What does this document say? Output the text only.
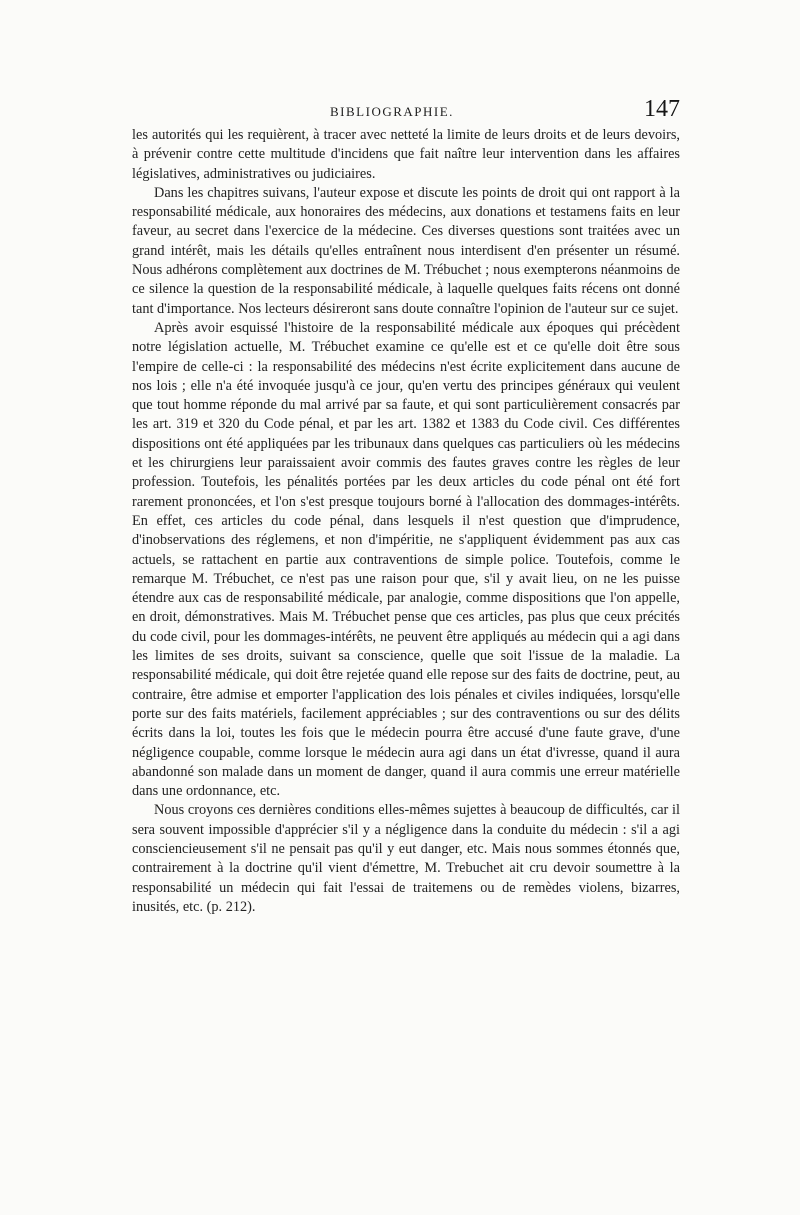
BIBLIOGRAPHIE.	147

les autorités qui les requièrent, à tracer avec netteté la limite de leurs droits et de leurs devoirs, à prévenir contre cette multitude d'incidens que fait naître leur intervention dans les affaires législatives, administratives ou judiciaires.

Dans les chapitres suivans, l'auteur expose et discute les points de droit qui ont rapport à la responsabilité médicale, aux honoraires des médecins, aux donations et testamens faits en leur faveur, au secret dans l'exercice de la médecine. Ces diverses questions sont traitées avec un grand intérêt, mais les détails qu'elles entraînent nous interdisent d'en présenter un résumé. Nous adhérons complètement aux doctrines de M. Trébuchet ; nous exempterons néanmoins de ce silence la question de la responsabilité médicale, à laquelle quelques faits récens ont donné tant d'importance. Nos lecteurs désireront sans doute connaître l'opinion de l'auteur sur ce sujet.

Après avoir esquissé l'histoire de la responsabilité médicale aux époques qui précèdent notre législation actuelle, M. Trébuchet examine ce qu'elle est et ce qu'elle doit être sous l'empire de celle-ci : la responsabilité des médecins n'est écrite explicitement dans aucune de nos lois ; elle n'a été invoquée jusqu'à ce jour, qu'en vertu des principes généraux qui veulent que tout homme réponde du mal arrivé par sa faute, et qui sont particulièrement consacrés par les art. 319 et 320 du Code pénal, et par les art. 1382 et 1383 du Code civil. Ces différentes dispositions ont été appliquées par les tribunaux dans quelques cas particuliers où les médecins et les chirurgiens leur paraissaient avoir commis des fautes graves contre les règles de leur profession. Toutefois, les pénalités portées par les deux articles du code pénal ont été fort rarement prononcées, et l'on s'est presque toujours borné à l'allocation des dommages-intérêts. En effet, ces articles du code pénal, dans lesquels il n'est question que d'imprudence, d'inobservations des réglemens, et non d'impéritie, ne s'appliquent évidemment pas aux cas actuels, se rattachent en partie aux contraventions de simple police. Toutefois, comme le remarque M. Trébuchet, ce n'est pas une raison pour que, s'il y avait lieu, on ne les puisse étendre aux cas de responsabilité médicale, par analogie, comme dispositions que l'on appelle, en droit, démonstratives. Mais M. Trébuchet pense que ces articles, pas plus que ceux précités du code civil, pour les dommages-intérêts, ne peuvent être appliqués au médecin qui a agi dans les limites de ses droits, suivant sa conscience, quelle que soit l'issue de la maladie. La responsabilité médicale, qui doit être rejetée quand elle repose sur des faits de doctrine, peut, au contraire, être admise et emporter l'application des lois pénales et civiles indiquées, lorsqu'elle porte sur des faits matériels, facilement appréciables ; sur des contraventions ou sur des délits écrits dans la loi, toutes les fois que le médecin pourra être accusé d'une faute grave, d'une négligence coupable, comme lorsque le médecin aura agi dans un état d'ivresse, quand il aura abandonné son malade dans un moment de danger, quand il aura commis une erreur matérielle dans une ordonnance, etc.

Nous croyons ces dernières conditions elles-mêmes sujettes à beaucoup de difficultés, car il sera souvent impossible d'apprécier s'il y a négligence dans la conduite du médecin : s'il a agi consciencieusement s'il ne pensait pas qu'il y eut danger, etc. Mais nous sommes étonnés que, contrairement à la doctrine qu'il vient d'émettre, M. Trebuchet ait cru devoir soumettre à la responsabilité un médecin qui fait l'essai de traitemens ou de remèdes violens, bizarres, inusités, etc. (p. 212).
